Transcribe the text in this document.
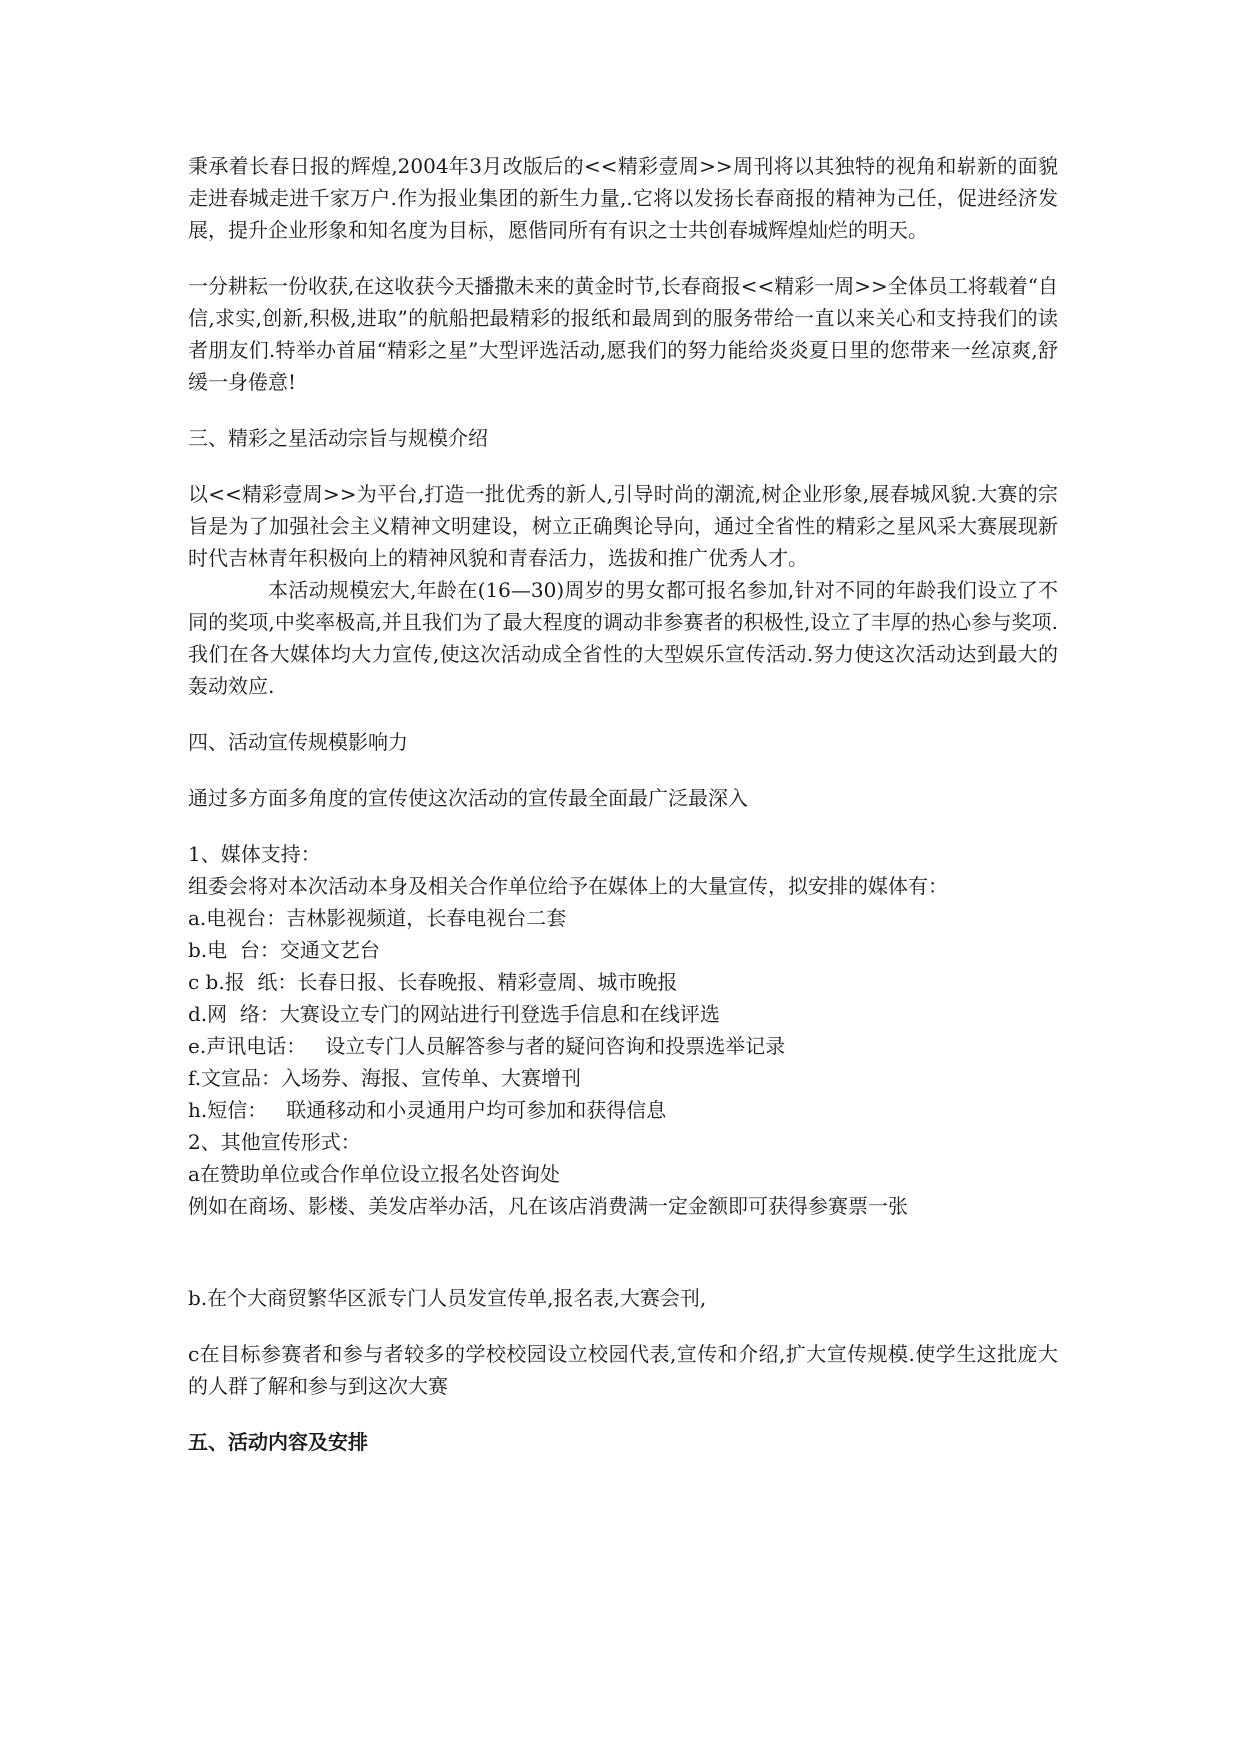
秉承着长春日报的辉煌,2004年3月改版后的<<精彩壹周>>周刊将以其独特的视角和崭新的面貌走进春城走进千家万户.作为报业集团的新生力量,.它将以发扬长春商报的精神为己任，促进经济发展，提升企业形象和知名度为目标，愿偕同所有有识之士共创春城辉煌灿烂的明天。

一分耕耘一份收获,在这收获今天播撒未来的黄金时节,长春商报<<精彩一周>>全体员工将载着“自信,求实,创新,积极,进取”的航船把最精彩的报纸和最周到的服务带给一直以来关心和支持我们的读者朋友们.特举办首届“精彩之星”大型评选活动,愿我们的努力能给炎炎夏日里的您带来一丝凉爽,舒缓一身倦意!

三、精彩之星活动宗旨与规模介绍

以<<精彩壹周>>为平台,打造一批优秀的新人,引导时尚的潮流,树企业形象,展春城风貌.大赛的宗旨是为了加强社会主义精神文明建设，树立正确舆论导向，通过全省性的精彩之星风采大赛展现新时代吉林青年积极向上的精神风貌和青春活力，选拔和推广优秀人才。

本活动规模宏大,年龄在(16—30)周岁的男女都可报名参加,针对不同的年龄我们设立了不同的奖项,中奖率极高,并且我们为了最大程度的调动非参赛者的积极性,设立了丰厚的热心参与奖项.我们在各大媒体均大力宣传,使这次活动成全省性的大型娱乐宣传活动.努力使这次活动达到最大的轰动效应.

四、活动宣传规模影响力

通过多方面多角度的宣传使这次活动的宣传最全面最广泛最深入

1、媒体支持：

组委会将对本次活动本身及相关合作单位给予在媒体上的大量宣传，拟安排的媒体有：

a.电视台：吉林影视频道，长春电视台二套

b.电  台：交通文艺台

c b.报  纸：长春日报、长春晚报、精彩壹周、城市晚报

d.网  络：大赛设立专门的网站进行刊登选手信息和在线评选

e.声讯电话：   设立专门人员解答参与者的疑问咨询和投票选举记录

f.文宣品：入场券、海报、宣传单、大赛增刊

h.短信：   联通移动和小灵通用户均可参加和获得信息

2、其他宣传形式：

a在赞助单位或合作单位设立报名处咨询处

例如在商场、影楼、美发店举办活，凡在该店消费满一定金额即可获得参赛票一张

b.在个大商贸繁华区派专门人员发宣传单,报名表,大赛会刊,

c在目标参赛者和参与者较多的学校校园设立校园代表,宣传和介绍,扩大宣传规模.使学生这批庞大的人群了解和参与到这次大赛

五、活动内容及安排
